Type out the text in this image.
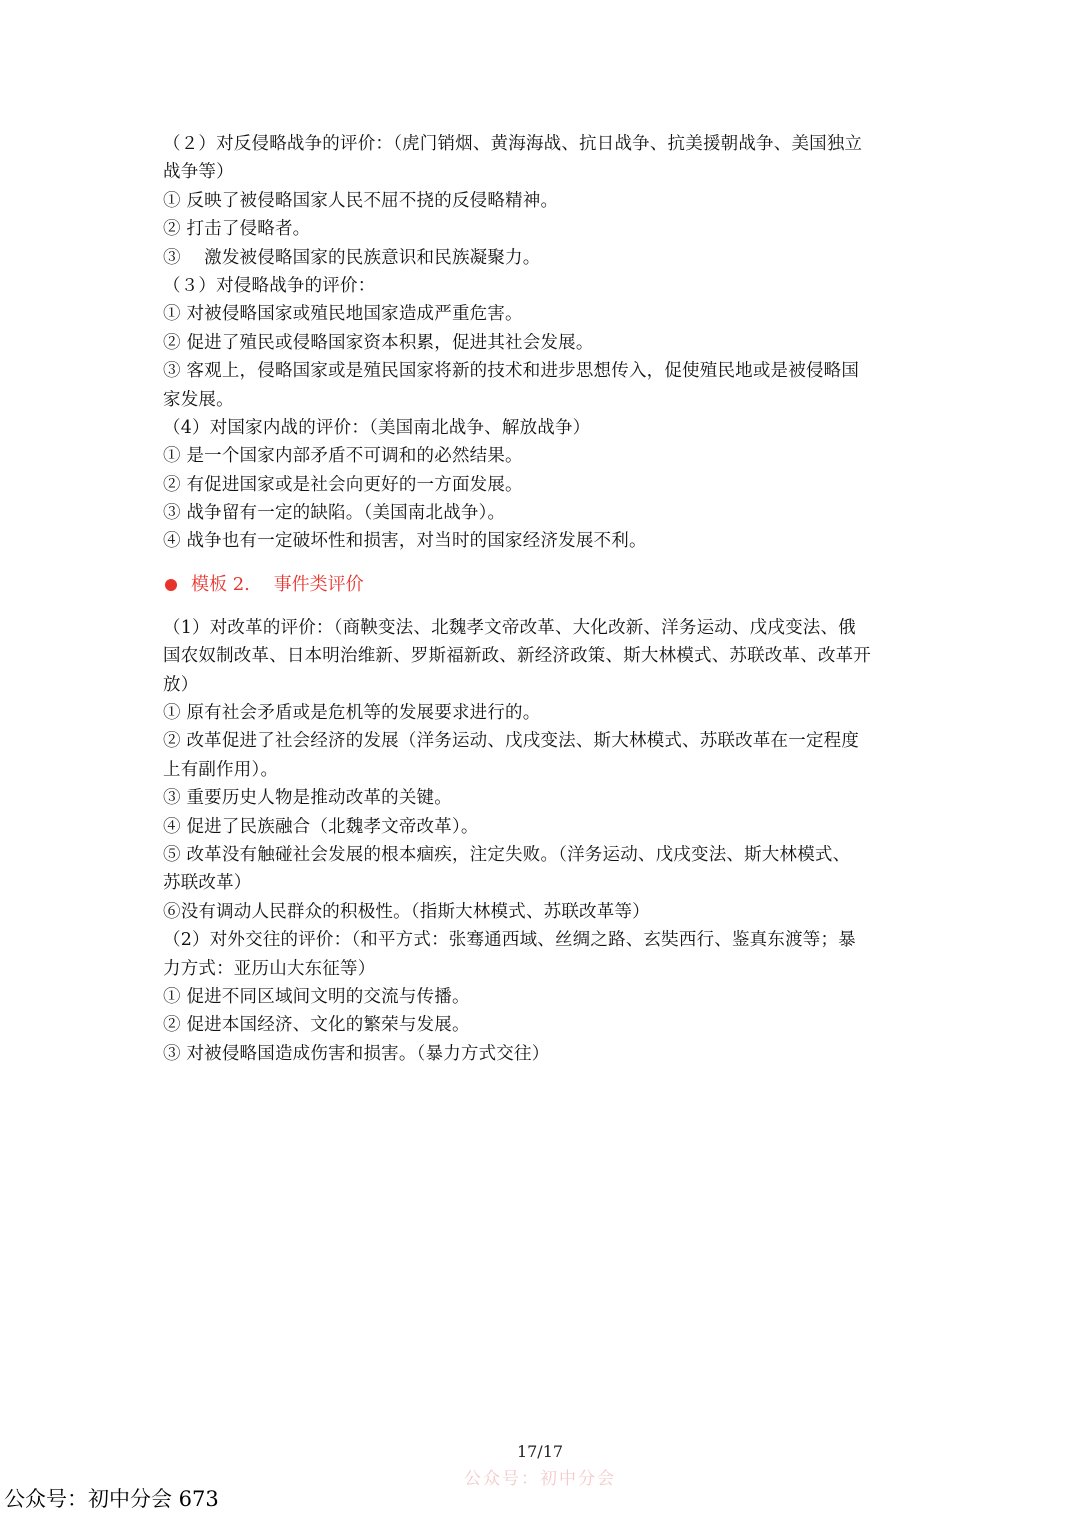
（２）对反侵略战争的评价：（虎门销烟、黄海海战、抗日战争、抗美援朝战争、美国独立
战争等）
① 反映了被侵略国家人民不屈不挠的反侵略精神。
② 打击了侵略者。
③　 激发被侵略国家的民族意识和民族凝聚力。
（３）对侵略战争的评价：
① 对被侵略国家或殖民地国家造成严重危害。
② 促进了殖民或侵略国家资本积累，促进其社会发展。
③ 客观上，侵略国家或是殖民国家将新的技术和进步思想传入，促使殖民地或是被侵略国
家发展。
（4）对国家内战的评价：（美国南北战争、解放战争）
① 是一个国家内部矛盾不可调和的必然结果。
② 有促进国家或是社会向更好的一方面发展。
③ 战争留有一定的缺陷。（美国南北战争）。
④ 战争也有一定破坏性和损害，对当时的国家经济发展不利。
模板 2.　 事件类评价
（1）对改革的评价：（商鞅变法、北魏孝文帝改革、大化改新、洋务运动、戊戌变法、俄
国农奴制改革、日本明治维新、罗斯福新政、新经济政策、斯大林模式、苏联改革、改革开
放）
① 原有社会矛盾或是危机等的发展要求进行的。
② 改革促进了社会经济的发展（洋务运动、戊戌变法、斯大林模式、苏联改革在一定程度
上有副作用）。
③ 重要历史人物是推动改革的关键。
④ 促进了民族融合（北魏孝文帝改革）。
⑤ 改革没有触碰社会发展的根本痼疾，注定失败。（洋务运动、戊戌变法、斯大林模式、
苏联改革）
⑥没有调动人民群众的积极性。（指斯大林模式、苏联改革等）
（2）对外交往的评价：（和平方式：张骞通西域、丝绸之路、玄奘西行、鉴真东渡等；暴
力方式：亚历山大东征等）
① 促进不同区域间文明的交流与传播。
② 促进本国经济、文化的繁荣与发展。
③ 对被侵略国造成伤害和损害。（暴力方式交往）
17/17
公众号：初中分会
公众号：初中分会 673
